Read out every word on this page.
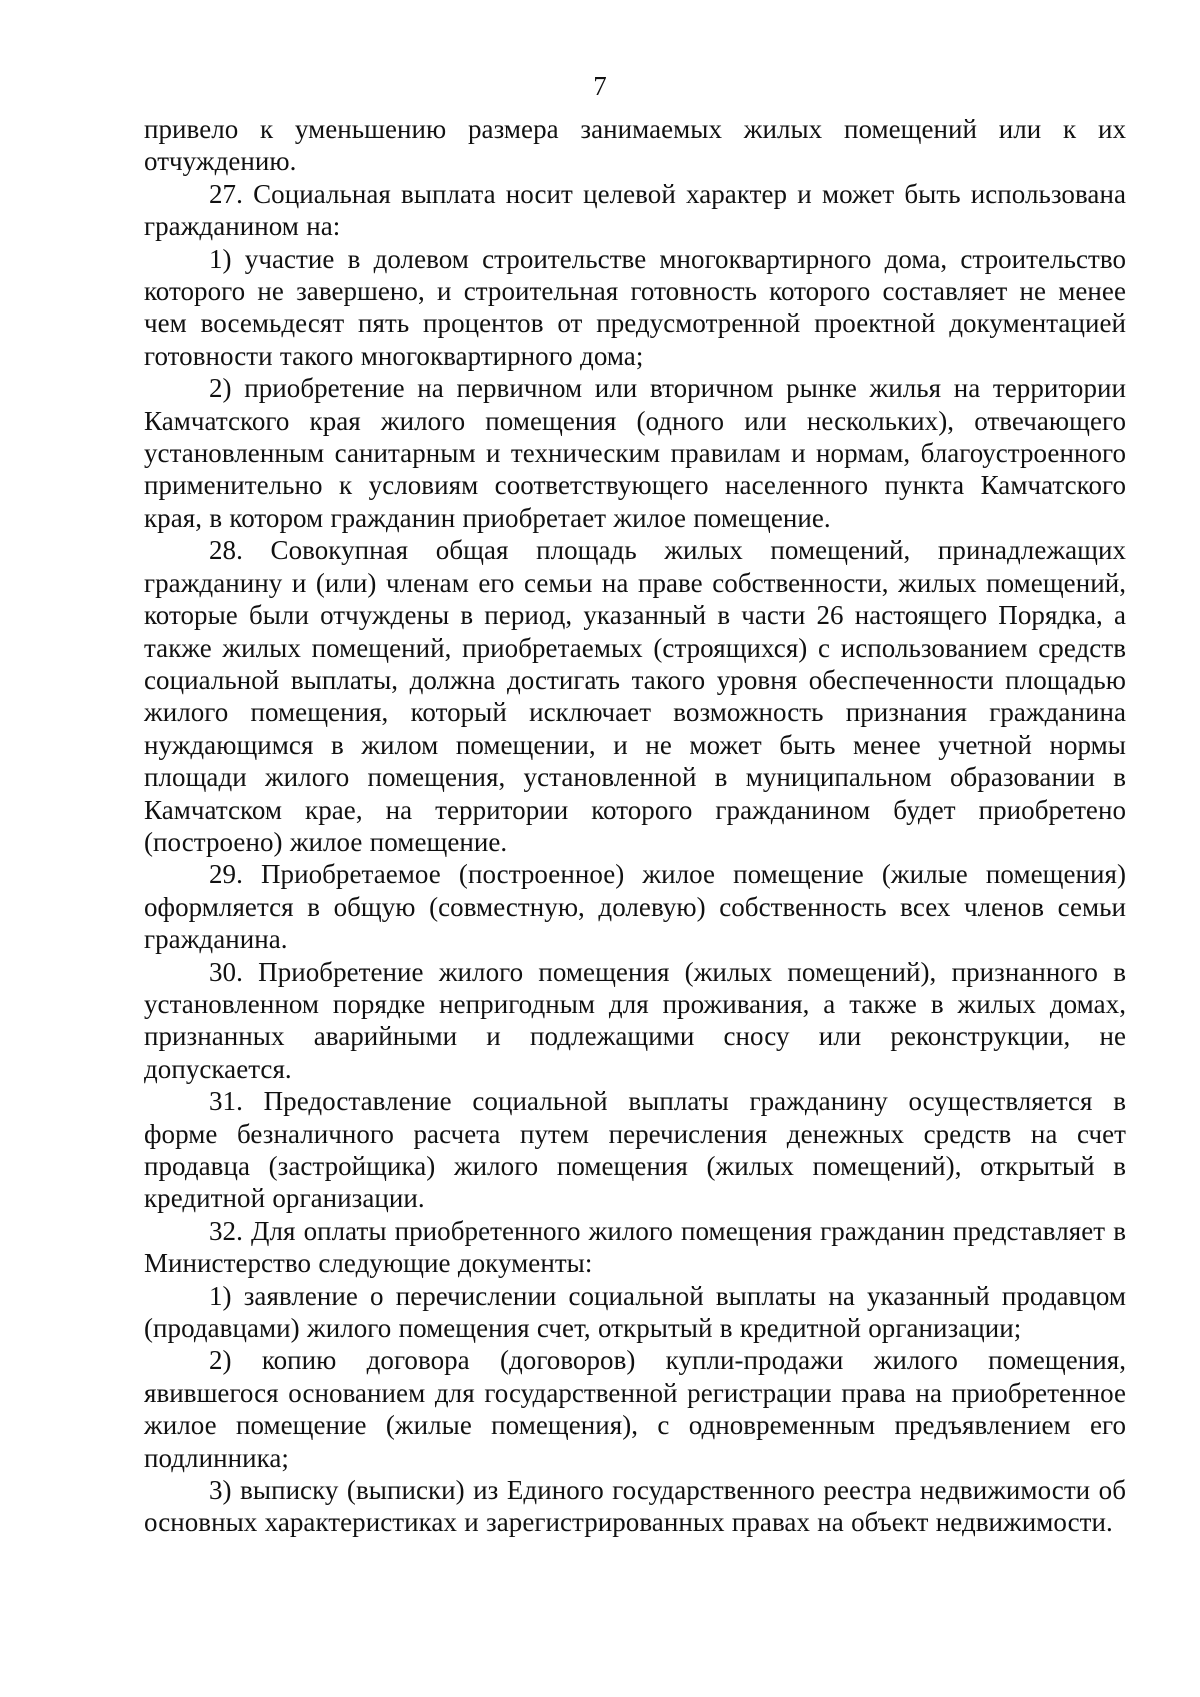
7

привело к уменьшению размера занимаемых жилых помещений или к их отчуждению.

27. Социальная выплата носит целевой характер и может быть использована гражданином на:

1) участие в долевом строительстве многоквартирного дома, строительство которого не завершено, и строительная готовность которого составляет не менее чем восемьдесят пять процентов от предусмотренной проектной документацией готовности такого многоквартирного дома;

2) приобретение на первичном или вторичном рынке жилья на территории Камчатского края жилого помещения (одного или нескольких), отвечающего установленным санитарным и техническим правилам и нормам, благоустроенного применительно к условиям соответствующего населенного пункта Камчатского края, в котором гражданин приобретает жилое помещение.

28. Совокупная общая площадь жилых помещений, принадлежащих гражданину и (или) членам его семьи на праве собственности, жилых помещений, которые были отчуждены в период, указанный в части 26 настоящего Порядка, а также жилых помещений, приобретаемых (строящихся) с использованием средств социальной выплаты, должна достигать такого уровня обеспеченности площадью жилого помещения, который исключает возможность признания гражданина нуждающимся в жилом помещении, и не может быть менее учетной нормы площади жилого помещения, установленной в муниципальном образовании в Камчатском крае, на территории которого гражданином будет приобретено (построено) жилое помещение.

29. Приобретаемое (построенное) жилое помещение (жилые помещения) оформляется в общую (совместную, долевую) собственность всех членов семьи гражданина.

30. Приобретение жилого помещения (жилых помещений), признанного в установленном порядке непригодным для проживания, а также в жилых домах, признанных аварийными и подлежащими сносу или реконструкции, не допускается.

31. Предоставление социальной выплаты гражданину осуществляется в форме безналичного расчета путем перечисления денежных средств на счет продавца (застройщика) жилого помещения (жилых помещений), открытый в кредитной организации.

32. Для оплаты приобретенного жилого помещения гражданин представляет в Министерство следующие документы:

1) заявление о перечислении социальной выплаты на указанный продавцом (продавцами) жилого помещения счет, открытый в кредитной организации;

2) копию договора (договоров) купли-продажи жилого помещения, явившегося основанием для государственной регистрации права на приобретенное жилое помещение (жилые помещения), с одновременным предъявлением его подлинника;

3) выписку (выписки) из Единого государственного реестра недвижимости об основных характеристиках и зарегистрированных правах на объект недвижимости.
